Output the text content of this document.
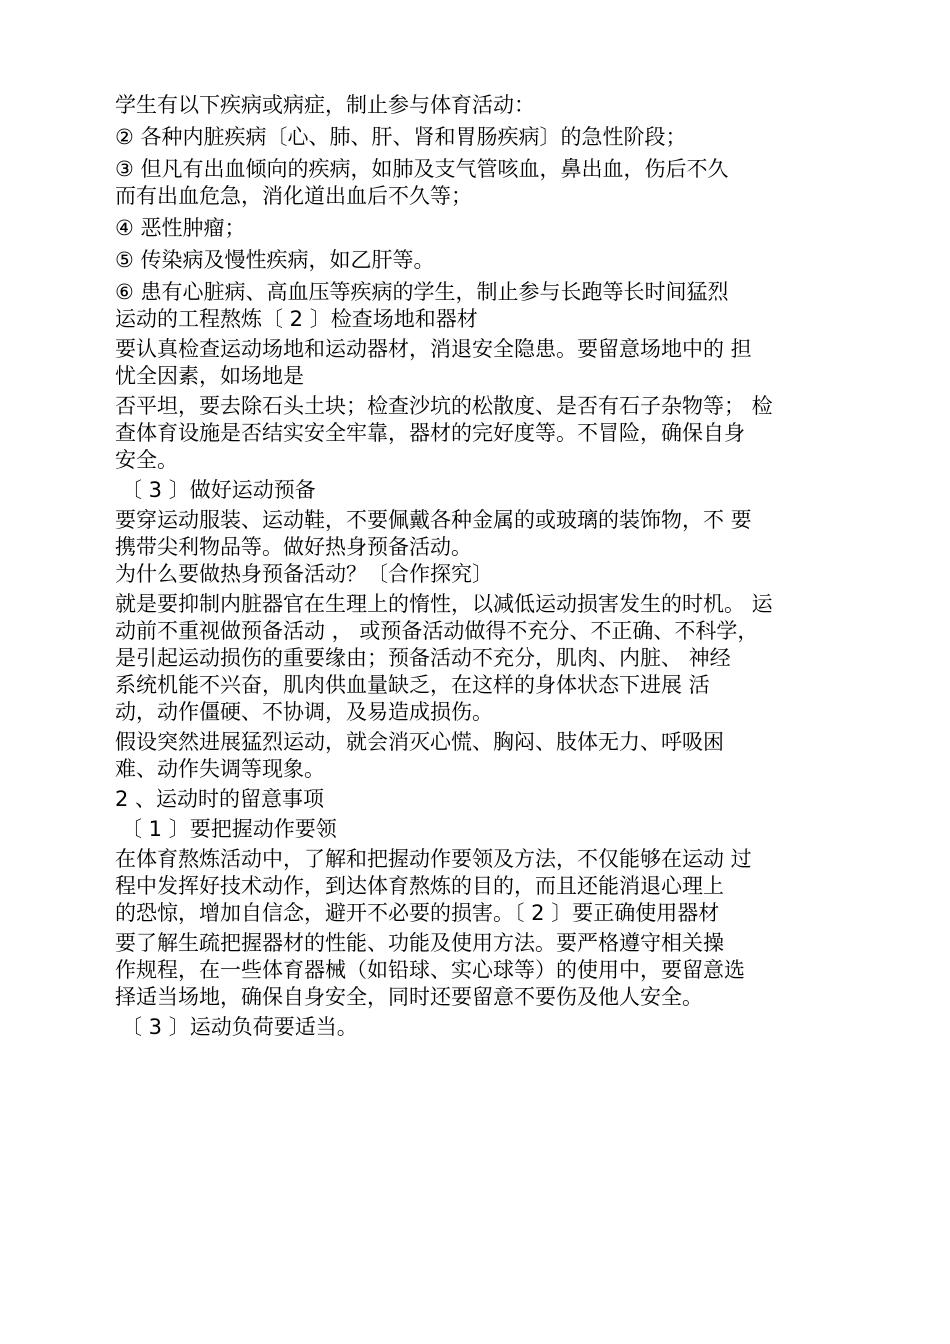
学生有以下疾病或病症，制止参与体育活动：

② 各种内脏疾病〔心、肺、肝、肾和胃肠疾病〕的急性阶段；

③ 但凡有出血倾向的疾病，如肺及支气管咳血，鼻出血，伤后不久

而有出血危急，消化道出血后不久等；

④ 恶性肿瘤；

⑤ 传染病及慢性疾病，如乙肝等。

⑥ 患有心脏病、高血压等疾病的学生，制止参与长跑等长时间猛烈

运动的工程熬炼〔 2 〕检查场地和器材

要认真检查运动场地和运动器材，消退安全隐患。要留意场地中的 担

忧全因素，如场地是

否平坦，要去除石头土块；检查沙坑的松散度、是否有石子杂物等； 检

查体育设施是否结实安全牢靠，器材的完好度等。不冒险，确保自身

安全。

〔 3 〕做好运动预备

要穿运动服装、运动鞋，不要佩戴各种金属的或玻璃的装饰物，不 要

携带尖利物品等。做好热身预备活动。

为什么要做热身预备活动？〔合作探究〕

就是要抑制内脏器官在生理上的惰性，以减低运动损害发生的时机。 运

动前不重视做预备活动 ， 或预备活动做得不充分、不正确、不科学，

是引起运动损伤的重要缘由；预备活动不充分，肌肉、内脏、 神经

系统机能不兴奋，肌肉供血量缺乏，在这样的身体状态下进展 活

动，动作僵硬、不协调，及易造成损伤。

假设突然进展猛烈运动，就会消灭心慌、胸闷、肢体无力、呼吸困

难、动作失调等现象。

2 、运动时的留意事项

〔 1 〕要把握动作要领

在体育熬炼活动中，了解和把握动作要领及方法，不仅能够在运动 过

程中发挥好技术动作，到达体育熬炼的目的，而且还能消退心理上

的恐惊，增加自信念，避开不必要的损害。〔 2 〕要正确使用器材

要了解生疏把握器材的性能、功能及使用方法。要严格遵守相关操

作规程，在一些体育器械（如铅球、实心球等）的使用中，要留意选

择适当场地，确保自身安全，同时还要留意不要伤及他人安全。

〔 3 〕运动负荷要适当。
